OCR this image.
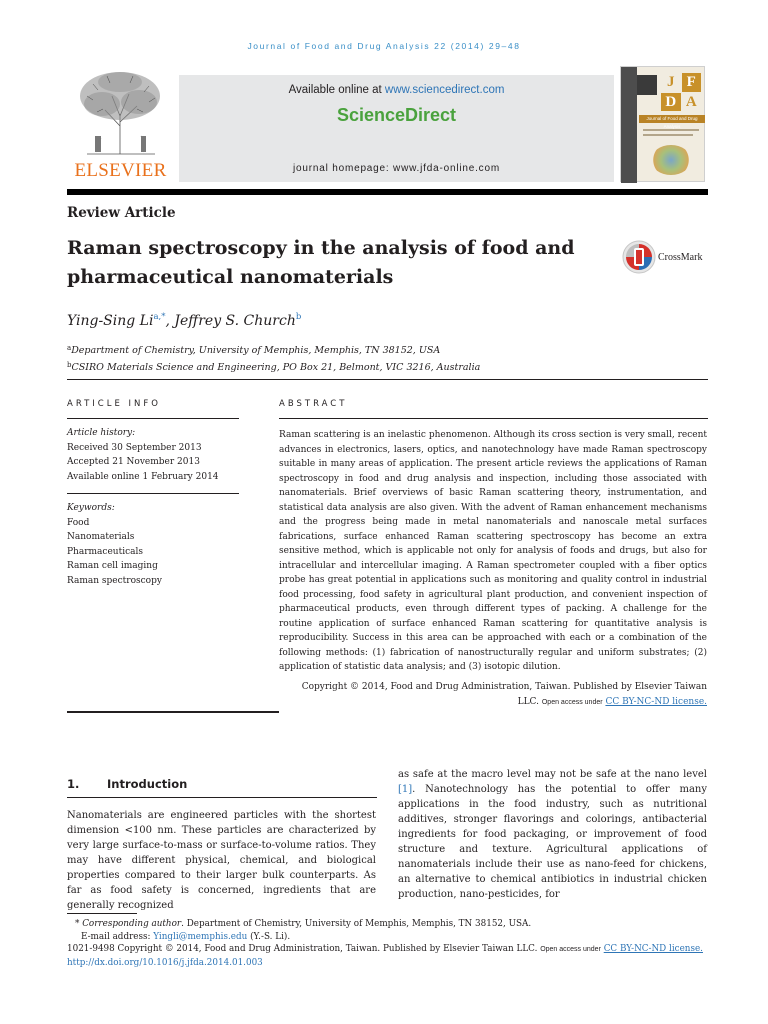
Journal of Food and Drug Analysis 22 (2014) 29–48
ELSEVIER
Available online at www.sciencedirect.com
ScienceDirect
journal homepage: www.jfda-online.com
J F
D A
Journal of Food and Drug Analysis
Review Article
Raman spectroscopy in the analysis of food and pharmaceutical nanomaterials
CrossMark
Ying-Sing $Li^{a,*}$, Jeffrey S. Church$^b$
$^a$Department of Chemistry, University of Memphis, Memphis, TN 38152, USA
$^b$CSIRO Materials Science and Engineering, PO Box 21, Belmont, VIC 3216, Australia
ARTICLE INFO
Article history:
Received 30 September 2013
Accepted 21 November 2013
Available online 1 February 2014
Keywords:
Food
Nanomaterials
Pharmaceuticals
Raman cell imaging
Raman spectroscopy
ABSTRACT
Raman scattering is an inelastic phenomenon. Although its cross section is very small, recent advances in electronics, lasers, optics, and nanotechnology have made Raman spectroscopy suitable in many areas of application. The present article reviews the applications of Raman spectroscopy in food and drug analysis and inspection, including those associated with nanomaterials. Brief overviews of basic Raman scattering theory, instrumentation, and statistical data analysis are also given. With the advent of Raman enhancement mechanisms and the progress being made in metal nanomaterials and nanoscale metal surfaces fabrications, surface enhanced Raman scattering spectroscopy has become an extra sensitive method, which is applicable not only for analysis of foods and drugs, but also for intracellular and intercellular imaging. A Raman spectrometer coupled with a fiber optics probe has great potential in applications such as monitoring and quality control in industrial food processing, food safety in agricultural plant production, and convenient inspection of pharmaceutical products, even through different types of packing. A challenge for the routine application of surface enhanced Raman scattering for quantitative analysis is reproducibility. Success in this area can be approached with each or a combination of the following methods: (1) fabrication of nanostructurally regular and uniform substrates; (2) application of statistic data analysis; and (3) isotopic dilution.
Copyright © 2014, Food and Drug Administration, Taiwan. Published by Elsevier Taiwan LLC. Open access under CC BY-NC-ND license.
1. Introduction
Nanomaterials are engineered particles with the shortest dimension <100 nm. These particles are characterized by very large surface-to-mass or surface-to-volume ratios. They may have different physical, chemical, and biological properties compared to their larger bulk counterparts. As far as food safety is concerned, ingredients that are generally recognized
as safe at the macro level may not be safe at the nano level [1]. Nanotechnology has the potential to offer many applications in the food industry, such as nutritional additives, stronger flavorings and colorings, antibacterial ingredients for food packaging, or improvement of food structure and texture. Agricultural applications of nanomaterials include their use as nano-feed for chickens, an alternative to chemical antibiotics in industrial chicken production, nano-pesticides, for
* Corresponding author. Department of Chemistry, University of Memphis, Memphis, TN 38152, USA.
E-mail address: Yingli@memphis.edu (Y.-S. Li).
1021-9498 Copyright © 2014, Food and Drug Administration, Taiwan. Published by Elsevier Taiwan LLC. Open access under CC BY-NC-ND license.
http://dx.doi.org/10.1016/j.jfda.2014.01.003
